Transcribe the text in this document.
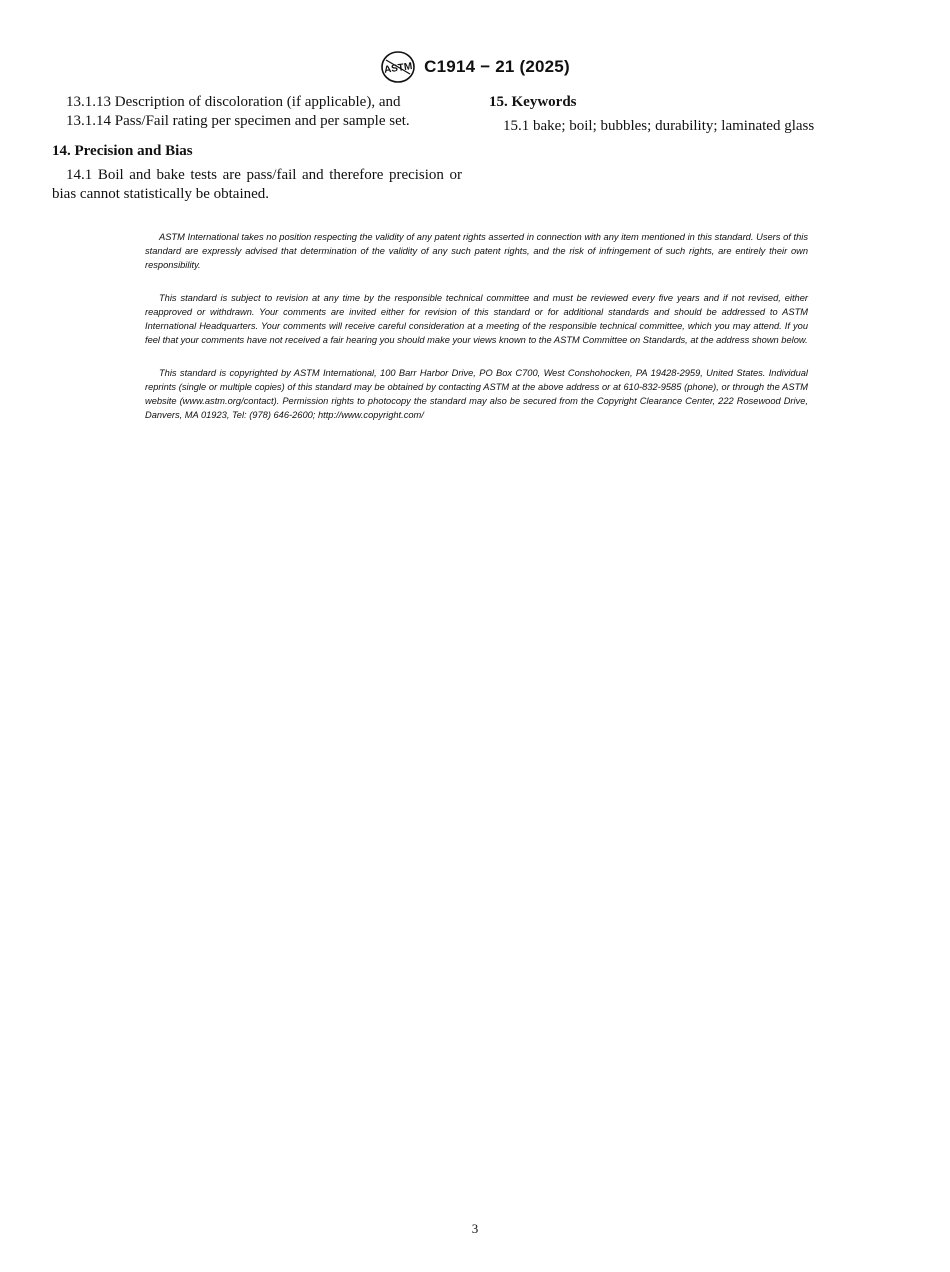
ASTM C1914 − 21 (2025)

13.1.13 Description of discoloration (if applicable), and

13.1.14 Pass/Fail rating per specimen and per sample set.

14. Precision and Bias

14.1 Boil and bake tests are pass/fail and therefore precision or bias cannot statistically be obtained.

15. Keywords

15.1 bake; boil; bubbles; durability; laminated glass

ASTM International takes no position respecting the validity of any patent rights asserted in connection with any item mentioned in this standard. Users of this standard are expressly advised that determination of the validity of any such patent rights, and the risk of infringement of such rights, are entirely their own responsibility.

This standard is subject to revision at any time by the responsible technical committee and must be reviewed every five years and if not revised, either reapproved or withdrawn. Your comments are invited either for revision of this standard or for additional standards and should be addressed to ASTM International Headquarters. Your comments will receive careful consideration at a meeting of the responsible technical committee, which you may attend. If you feel that your comments have not received a fair hearing you should make your views known to the ASTM Committee on Standards, at the address shown below.

This standard is copyrighted by ASTM International, 100 Barr Harbor Drive, PO Box C700, West Conshohocken, PA 19428-2959, United States. Individual reprints (single or multiple copies) of this standard may be obtained by contacting ASTM at the above address or at 610-832-9585 (phone), or through the ASTM website (www.astm.org/contact). Permission rights to photocopy the standard may also be secured from the Copyright Clearance Center, 222 Rosewood Drive, Danvers, MA 01923, Tel: (978) 646-2600; http://www.copyright.com/

3
